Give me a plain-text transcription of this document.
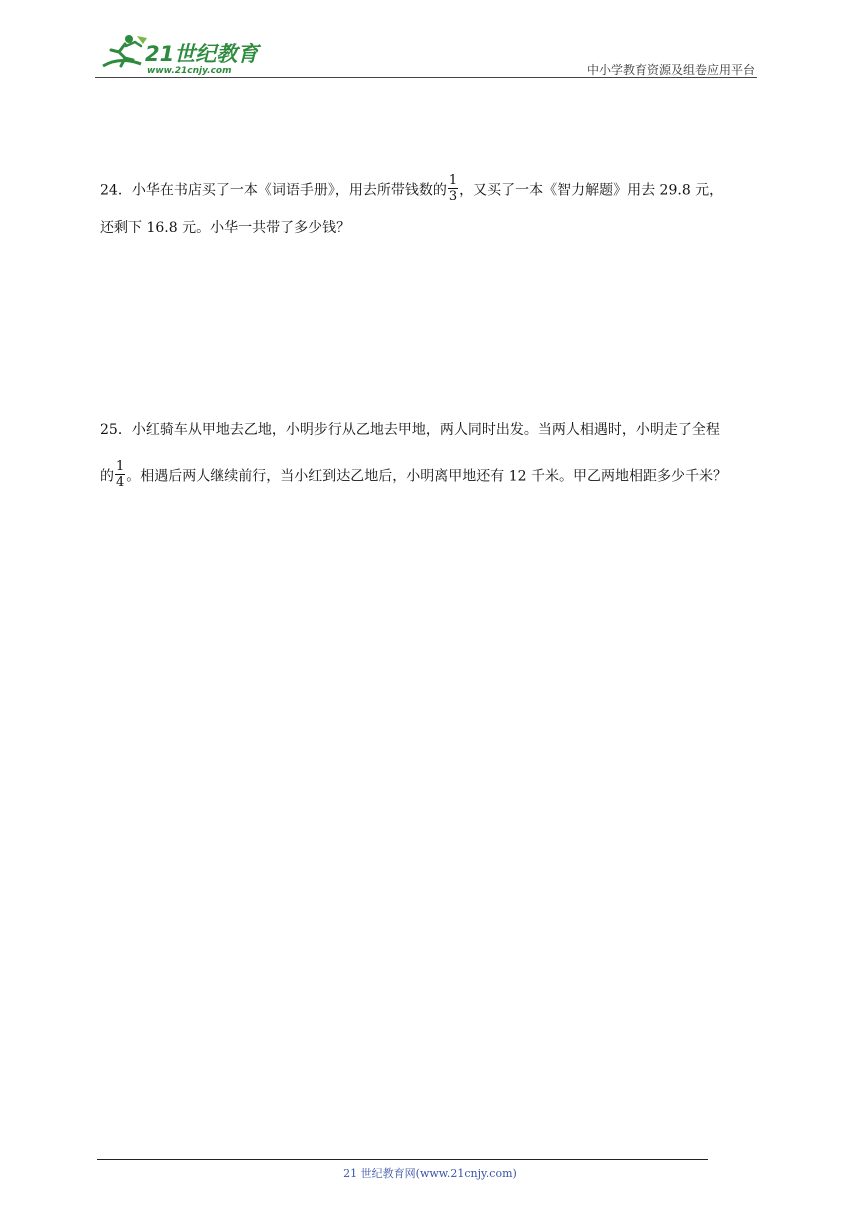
21世纪教育
www.21cnjy.com	中小学教育资源及组卷应用平台
24．小华在书店买了一本《词语手册》，用去所带钱数的 $\frac{1}{3}$ ，又买了一本《智力解题》用去 29.8 元，
还剩下 16.8 元。小华一共带了多少钱？
25．小红骑车从甲地去乙地，小明步行从乙地去甲地，两人同时出发。当两人相遇时，小明走了全程
的 $\frac{1}{4}$ 。相遇后两人继续前行，当小红到达乙地后，小明离甲地还有 12 千米。甲乙两地相距多少千米？
21 世纪教育网(www.21cnjy.com)
